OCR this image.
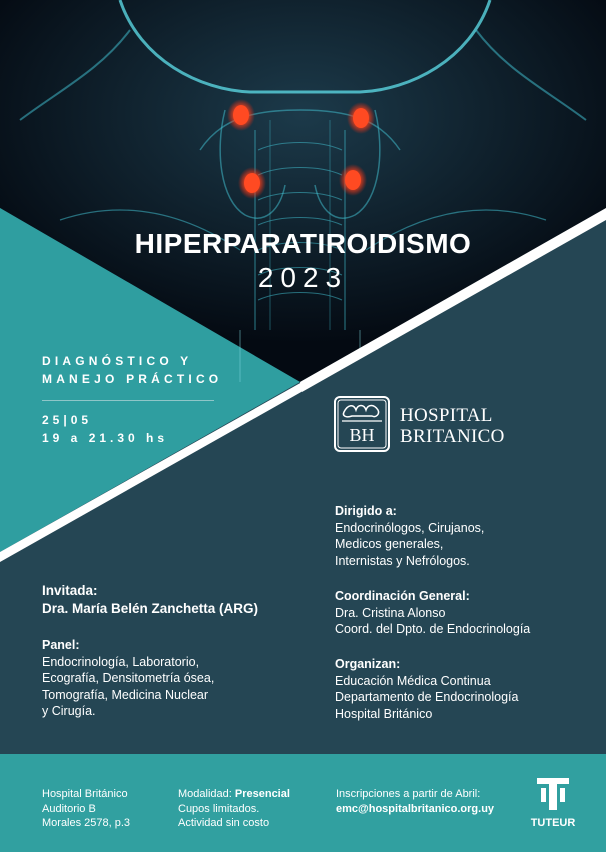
HIPERPARATIROIDISMO
2023
DIAGNÓSTICO Y
MANEJO PRÁCTICO
25|05
19 a 21.30 hs	BH
HOSPITAL
BRITANICO
Invitada:
Dra. María Belén Zanchetta (ARG)
Panel:
Endocrinología, Laboratorio,
Ecografía, Densitometría ósea,
Tomografía, Medicina Nuclear
y Cirugía.
Dirigido a:
Endocrinólogos, Cirujanos,
Medicos generales,
Internistas y Nefrólogos.
Coordinación General:
Dra. Cristina Alonso
Coord. del Dpto. de Endocrinología
Organizan:
Educación Médica Continua
Departamento de Endocrinología
Hospital Británico
Hospital Británico
Auditorio B
Morales 2578, p.3
Modalidad: Presencial
Cupos limitados.
Actividad sin costo
Inscripciones a partir de Abril:
emc@hospitalbritanico.org.uy
TUTEUR
